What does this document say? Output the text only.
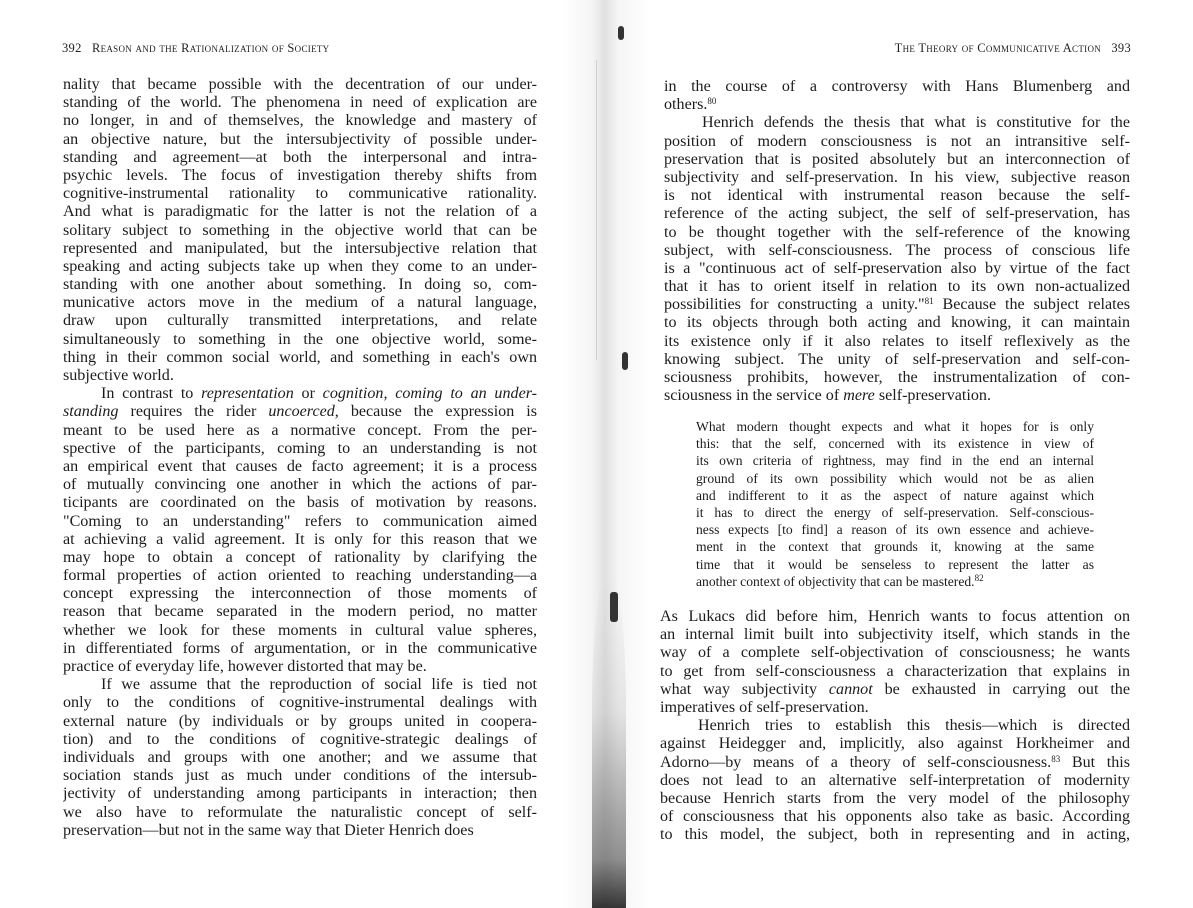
392 Reason and the Rationalization of Society
nality that became possible with the decentration of our under-
standing of the world. The phenomena in need of explication are
no longer, in and of themselves, the knowledge and mastery of
an objective nature, but the intersubjectivity of possible under-
standing and agreement—at both the interpersonal and intra-
psychic levels. The focus of investigation thereby shifts from
cognitive-instrumental rationality to communicative rationality.
And what is paradigmatic for the latter is not the relation of a
solitary subject to something in the objective world that can be
represented and manipulated, but the intersubjective relation that
speaking and acting subjects take up when they come to an under-
standing with one another about something. In doing so, com-
municative actors move in the medium of a natural language,
draw upon culturally transmitted interpretations, and relate
simultaneously to something in the one objective world, some-
thing in their common social world, and something in each's own
subjective world.
In contrast to representation or cognition, coming to an under-
standing requires the rider uncoerced, because the expression is
meant to be used here as a normative concept. From the per-
spective of the participants, coming to an understanding is not
an empirical event that causes de facto agreement; it is a process
of mutually convincing one another in which the actions of par-
ticipants are coordinated on the basis of motivation by reasons.
"Coming to an understanding" refers to communication aimed
at achieving a valid agreement. It is only for this reason that we
may hope to obtain a concept of rationality by clarifying the
formal properties of action oriented to reaching understanding—a
concept expressing the interconnection of those moments of
reason that became separated in the modern period, no matter
whether we look for these moments in cultural value spheres,
in differentiated forms of argumentation, or in the communicative
practice of everyday life, however distorted that may be.
If we assume that the reproduction of social life is tied not
only to the conditions of cognitive-instrumental dealings with
external nature (by individuals or by groups united in coopera-
tion) and to the conditions of cognitive-strategic dealings of
individuals and groups with one another; and we assume that
sociation stands just as much under conditions of the intersub-
jectivity of understanding among participants in interaction; then
we also have to reformulate the naturalistic concept of self-
preservation—but not in the same way that Dieter Henrich does
The Theory of Communicative Action 393
in the course of a controversy with Hans Blumenberg and
others.$^{80}$
Henrich defends the thesis that what is constitutive for the
position of modern consciousness is not an intransitive self-
preservation that is posited absolutely but an interconnection of
subjectivity and self-preservation. In his view, subjective reason
is not identical with instrumental reason because the self-
reference of the acting subject, the self of self-preservation, has
to be thought together with the self-reference of the knowing
subject, with self-consciousness. The process of conscious life
is a "continuous act of self-preservation also by virtue of the fact
that it has to orient itself in relation to its own non-actualized
possibilities for constructing a unity."$^{81}$ Because the subject relates
to its objects through both acting and knowing, it can maintain
its existence only if it also relates to itself reflexively as the
knowing subject. The unity of self-preservation and self-con-
sciousness prohibits, however, the instrumentalization of con-
sciousness in the service of mere self-preservation.
What modern thought expects and what it hopes for is only
this: that the self, concerned with its existence in view of
its own criteria of rightness, may find in the end an internal
ground of its own possibility which would not be as alien
and indifferent to it as the aspect of nature against which
it has to direct the energy of self-preservation. Self-conscious-
ness expects [to find] a reason of its own essence and achieve-
ment in the context that grounds it, knowing at the same
time that it would be senseless to represent the latter as
another context of objectivity that can be mastered.$^{82}$
As Lukacs did before him, Henrich wants to focus attention on
an internal limit built into subjectivity itself, which stands in the
way of a complete self-objectivation of consciousness; he wants
to get from self-consciousness a characterization that explains in
what way subjectivity cannot be exhausted in carrying out the
imperatives of self-preservation.
Henrich tries to establish this thesis—which is directed
against Heidegger and, implicitly, also against Horkheimer and
Adorno—by means of a theory of self-consciousness.$^{83}$ But this
does not lead to an alternative self-interpretation of modernity
because Henrich starts from the very model of the philosophy
of consciousness that his opponents also take as basic. According
to this model, the subject, both in representing and in acting,
